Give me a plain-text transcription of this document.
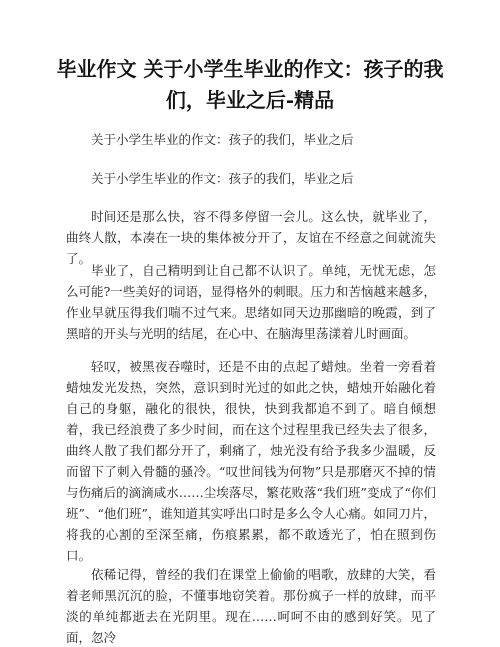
毕业作文 关于小学生毕业的作文：孩子的我们，毕业之后-精品

关于小学生毕业的作文：孩子的我们，毕业之后

关于小学生毕业的作文：孩子的我们，毕业之后

时间还是那么快，容不得多停留一会儿。这么快，就毕业了，曲终人散，本凑在一块的集体被分开了，友谊在不经意之间就流失了。

毕业了，自己精明到让自己都不认识了。单纯，无忧无虑，怎么可能?一些美好的词语，显得格外的刺眼。压力和苦恼越来越多，作业早就压得我们喘不过气来。思绪如同天边那幽暗的晚霞，到了黑暗的开头与光明的结尾，在心中、在脑海里荡漾着儿时画面。

轻叹，被黑夜吞噬时，还是不由的点起了蜡烛。坐着一旁看着蜡烛发光发热，突然，意识到时光过的如此之快，蜡烛开始融化着自己的身躯，融化的很快，很快，快到我都追不到了。暗自倾想着，我已经浪费了多少时间，而在这个过程里我已经失去了很多，曲终人散了我们都分开了，剩痛了，烛光没有给予我多少温暖，反而留下了刺入骨髓的骚冷。“叹世间钱为何物”只是那磨灭不掉的情与伤痛后的滴滴咸水……尘埃落尽，繁花败落“我们班”变成了“你们班”、“他们班”，谁知道其实呼出口时是多么令人心痛。如同刀片，将我的心割的至深至痛，伤痕累累，都不敢透光了，怕在照到伤口。

依稀记得，曾经的我们在课堂上偷偷的唱歌，放肆的大笑，看着老师黑沉沉的脸，不懂事地窃笑着。那份疯子一样的放肆，而平淡的单纯都逝去在光阴里。现在……呵呵不由的感到好笑。见了面，忽冷
